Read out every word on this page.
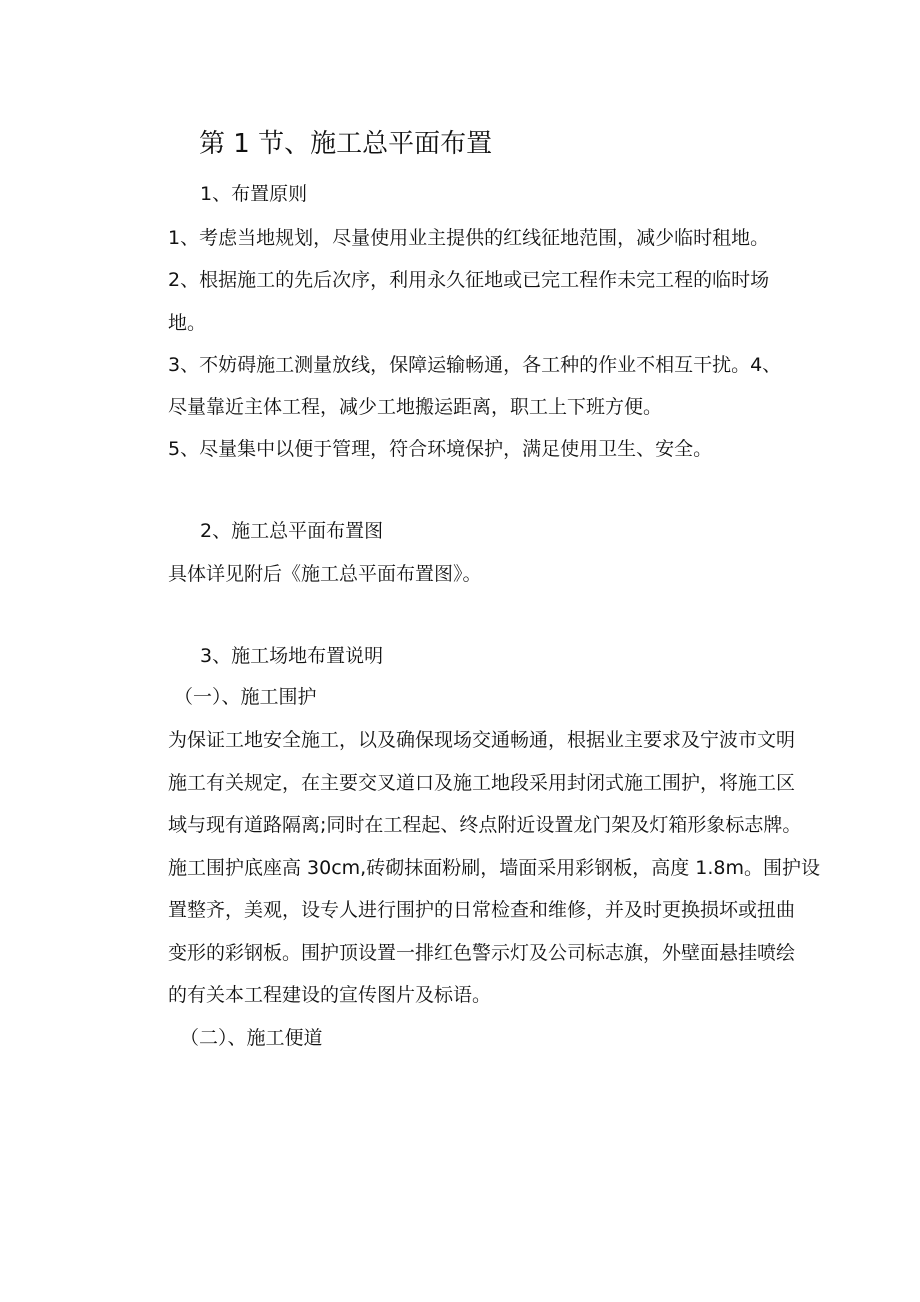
第 1 节、施工总平面布置
1、布置原则
1、考虑当地规划，尽量使用业主提供的红线征地范围，减少临时租地。
2、根据施工的先后次序，利用永久征地或已完工程作未完工程的临时场
地。
3、不妨碍施工测量放线，保障运输畅通，各工种的作业不相互干扰。4、
尽量靠近主体工程，减少工地搬运距离，职工上下班方便。
5、尽量集中以便于管理，符合环境保护，满足使用卫生、安全。
2、施工总平面布置图
具体详见附后《施工总平面布置图》。
3、施工场地布置说明
（一）、施工围护
为保证工地安全施工，以及确保现场交通畅通，根据业主要求及宁波市文明
施工有关规定，在主要交叉道口及施工地段采用封闭式施工围护，将施工区
域与现有道路隔离;同时在工程起、终点附近设置龙门架及灯箱形象标志牌。
施工围护底座高 30cm,砖砌抹面粉刷，墙面采用彩钢板，高度 1.8m。围护设
置整齐，美观，设专人进行围护的日常检查和维修，并及时更换损坏或扭曲
变形的彩钢板。围护顶设置一排红色警示灯及公司标志旗，外壁面悬挂喷绘
的有关本工程建设的宣传图片及标语。
（二）、施工便道
